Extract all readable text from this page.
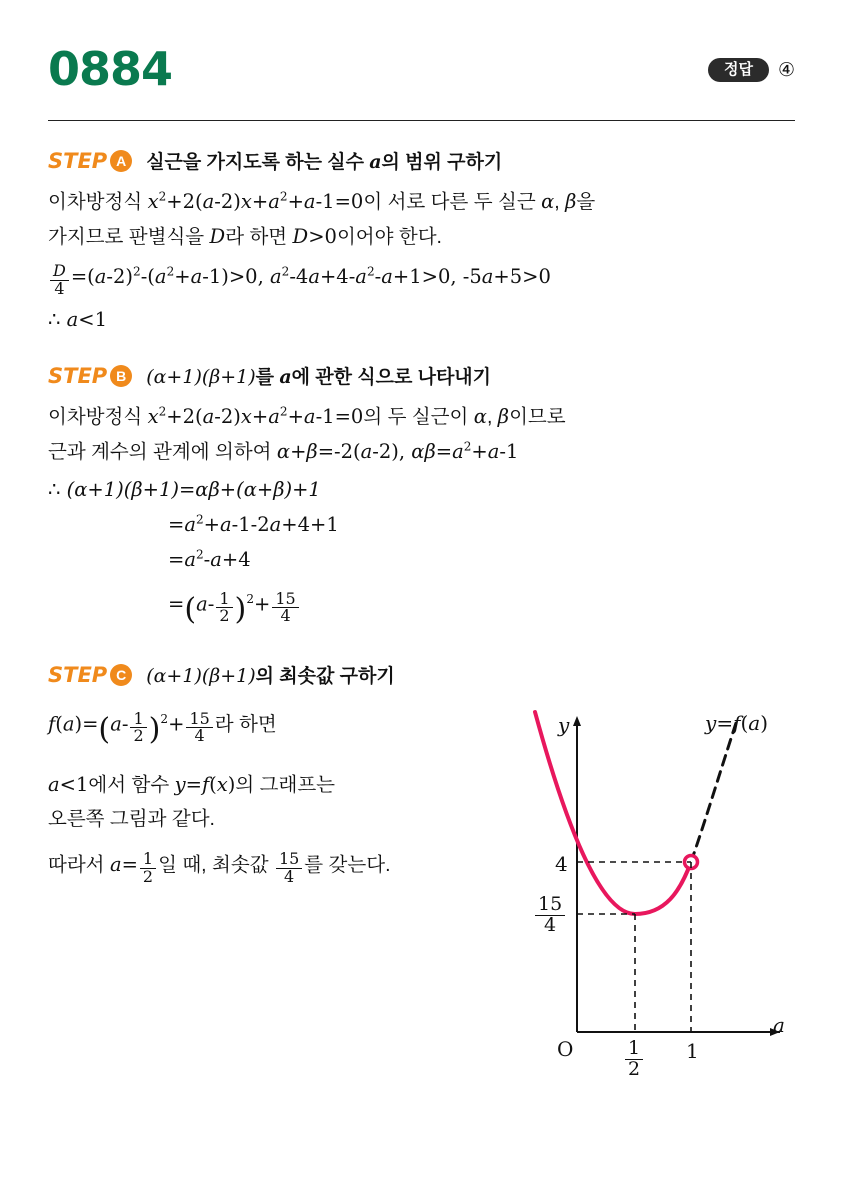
0884	정답	④
STEP A	실근을 가지도록 하는 실수 a의 범위 구하기
이차방정식 $x^2+2(a-2)x+a^2+a-1=0$이 서로 다른 두 실근 α, β을
가지므로 판별식을 D라 하면 D>0이어야 한다.
$\frac{D}{4} =(a-2)^2-(a^2+a-1)>0$, $a^2-4a+4-a^2-a+1>0$, -5a+5>0
∴ a<1
STEP B	(α+1)(β+1)를 a에 관한 식으로 나타내기
이차방정식 $x^2+2(a-2)x+a^2+a-1=0$의 두 실근이 α, β이므로
근과 계수의 관계에 의하여 α+β=-2(a-2), $\alpha\beta=a^2+a-1$
∴ (α+1)(β+1)=αβ+(α+β)+1
$=a^2+a-1-2a+4+1$
$=a^2-a+4$
$=(a- \frac{1}{2} )^2+ \frac{15}{4}$
STEP C	(α+1)(β+1)의 최솟값 구하기
$f(a)=(a- \frac{1}{2} )^2+ \frac{15}{4}$ 라 하면
a<1에서 함수 y=f(x)의 그래프는
오른쪽 그림과 같다.
따라서 $a= \frac{1}{2}$ 일 때, 최솟값 $\frac{15}{4}$ 를 갖는다.
y
a
y=f(a)
O
4
15
4
1
2
1
